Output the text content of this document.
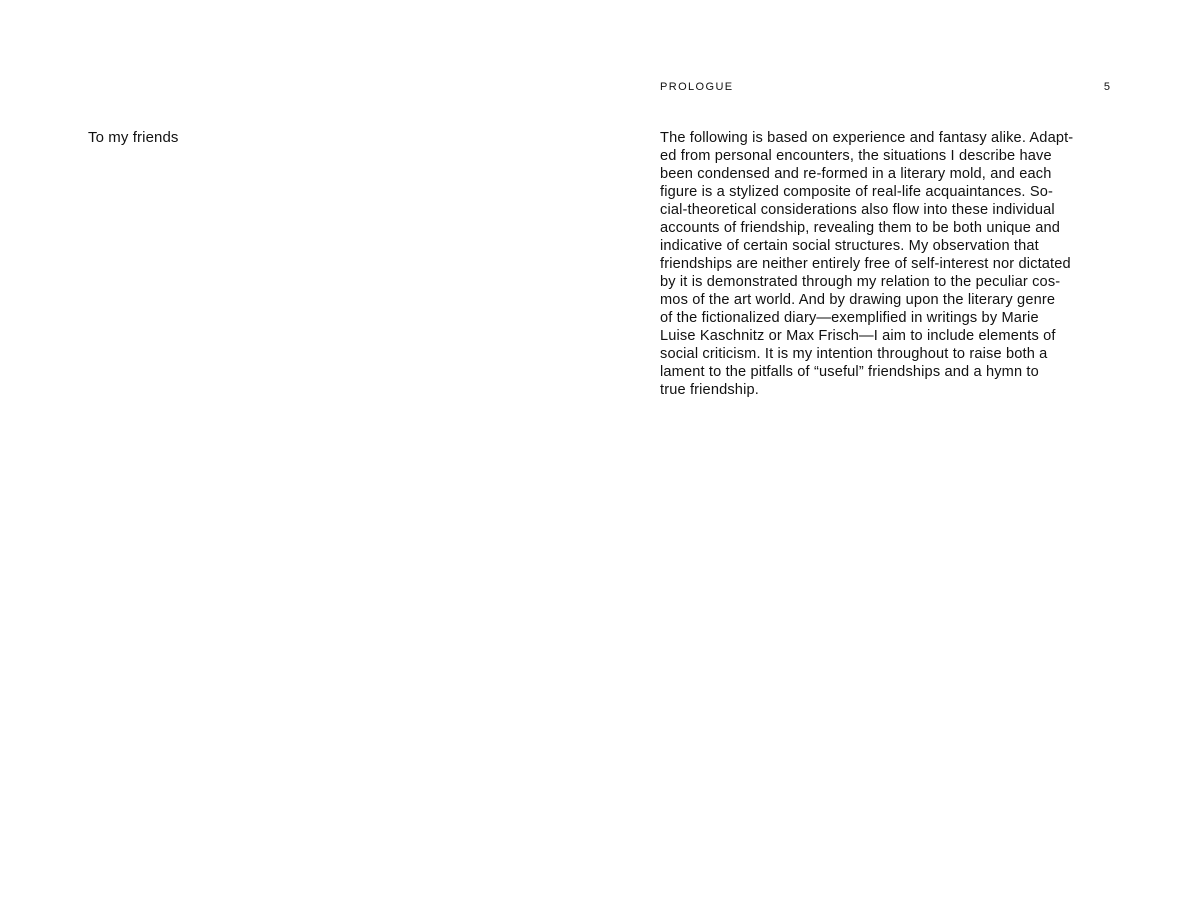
To my friends

PROLOGUE	5

The following is based on experience and fantasy alike. Adapt-
ed from personal encounters, the situations I describe have
been condensed and re-formed in a literary mold, and each
figure is a stylized composite of real-life acquaintances. So-
cial-theoretical considerations also flow into these individual
accounts of friendship, revealing them to be both unique and
indicative of certain social structures. My observation that
friendships are neither entirely free of self-interest nor dictated
by it is demonstrated through my relation to the peculiar cos-
mos of the art world. And by drawing upon the literary genre
of the fictionalized diary—exemplified in writings by Marie
Luise Kaschnitz or Max Frisch—I aim to include elements of
social criticism. It is my intention throughout to raise both a
lament to the pitfalls of “useful” friendships and a hymn to
true friendship.
